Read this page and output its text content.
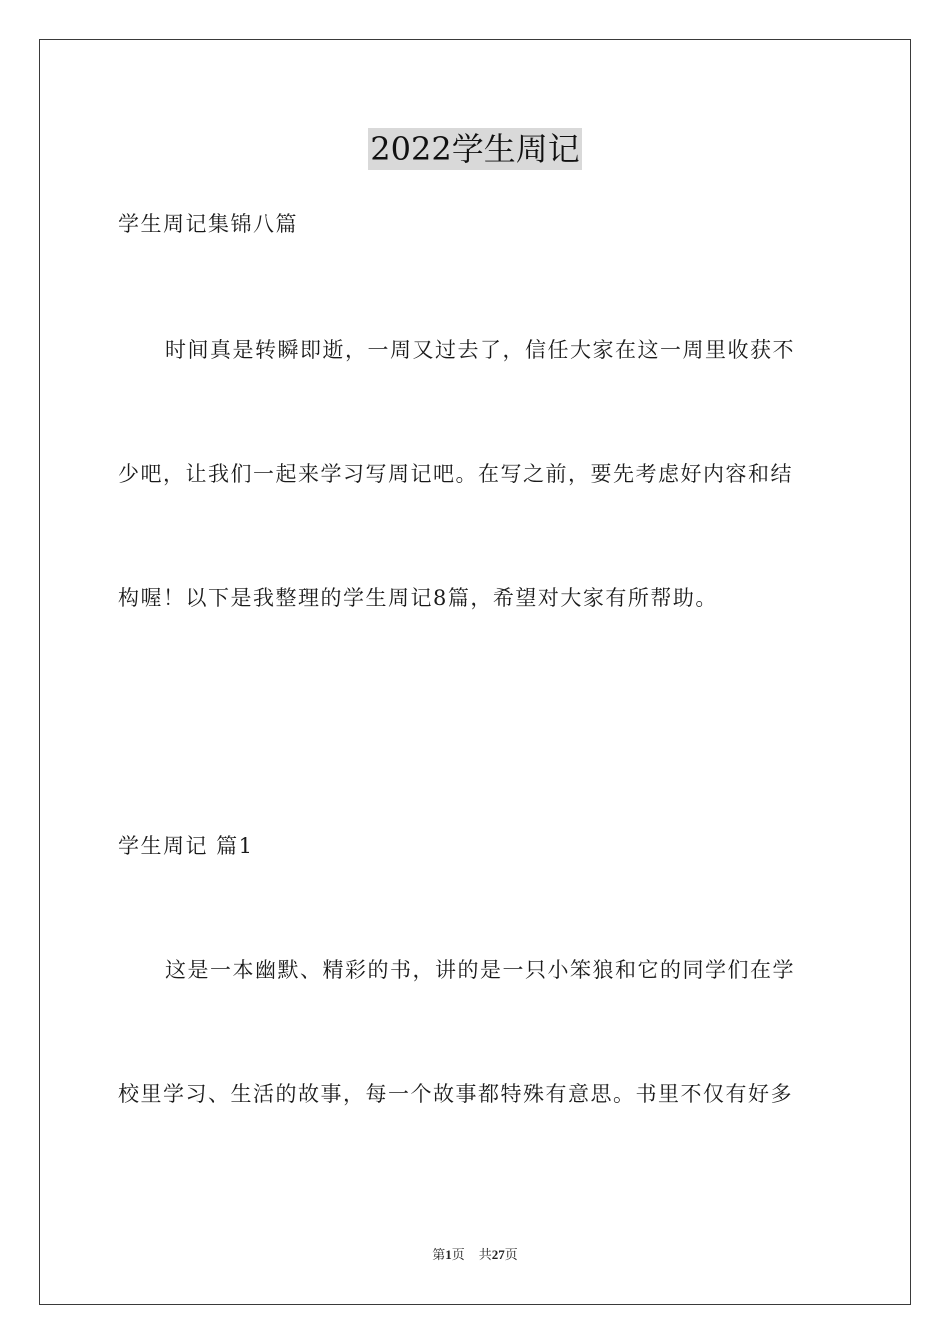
2022学生周记

学生周记集锦八篇

时间真是转瞬即逝，一周又过去了，信任大家在这一周里收获不

少吧，让我们一起来学习写周记吧。在写之前，要先考虑好内容和结

构喔！以下是我整理的学生周记8篇，希望对大家有所帮助。

学生周记 篇1

这是一本幽默、精彩的书，讲的是一只小笨狼和它的同学们在学

校里学习、生活的故事，每一个故事都特殊有意思。书里不仅有好多

第1页 共27页
